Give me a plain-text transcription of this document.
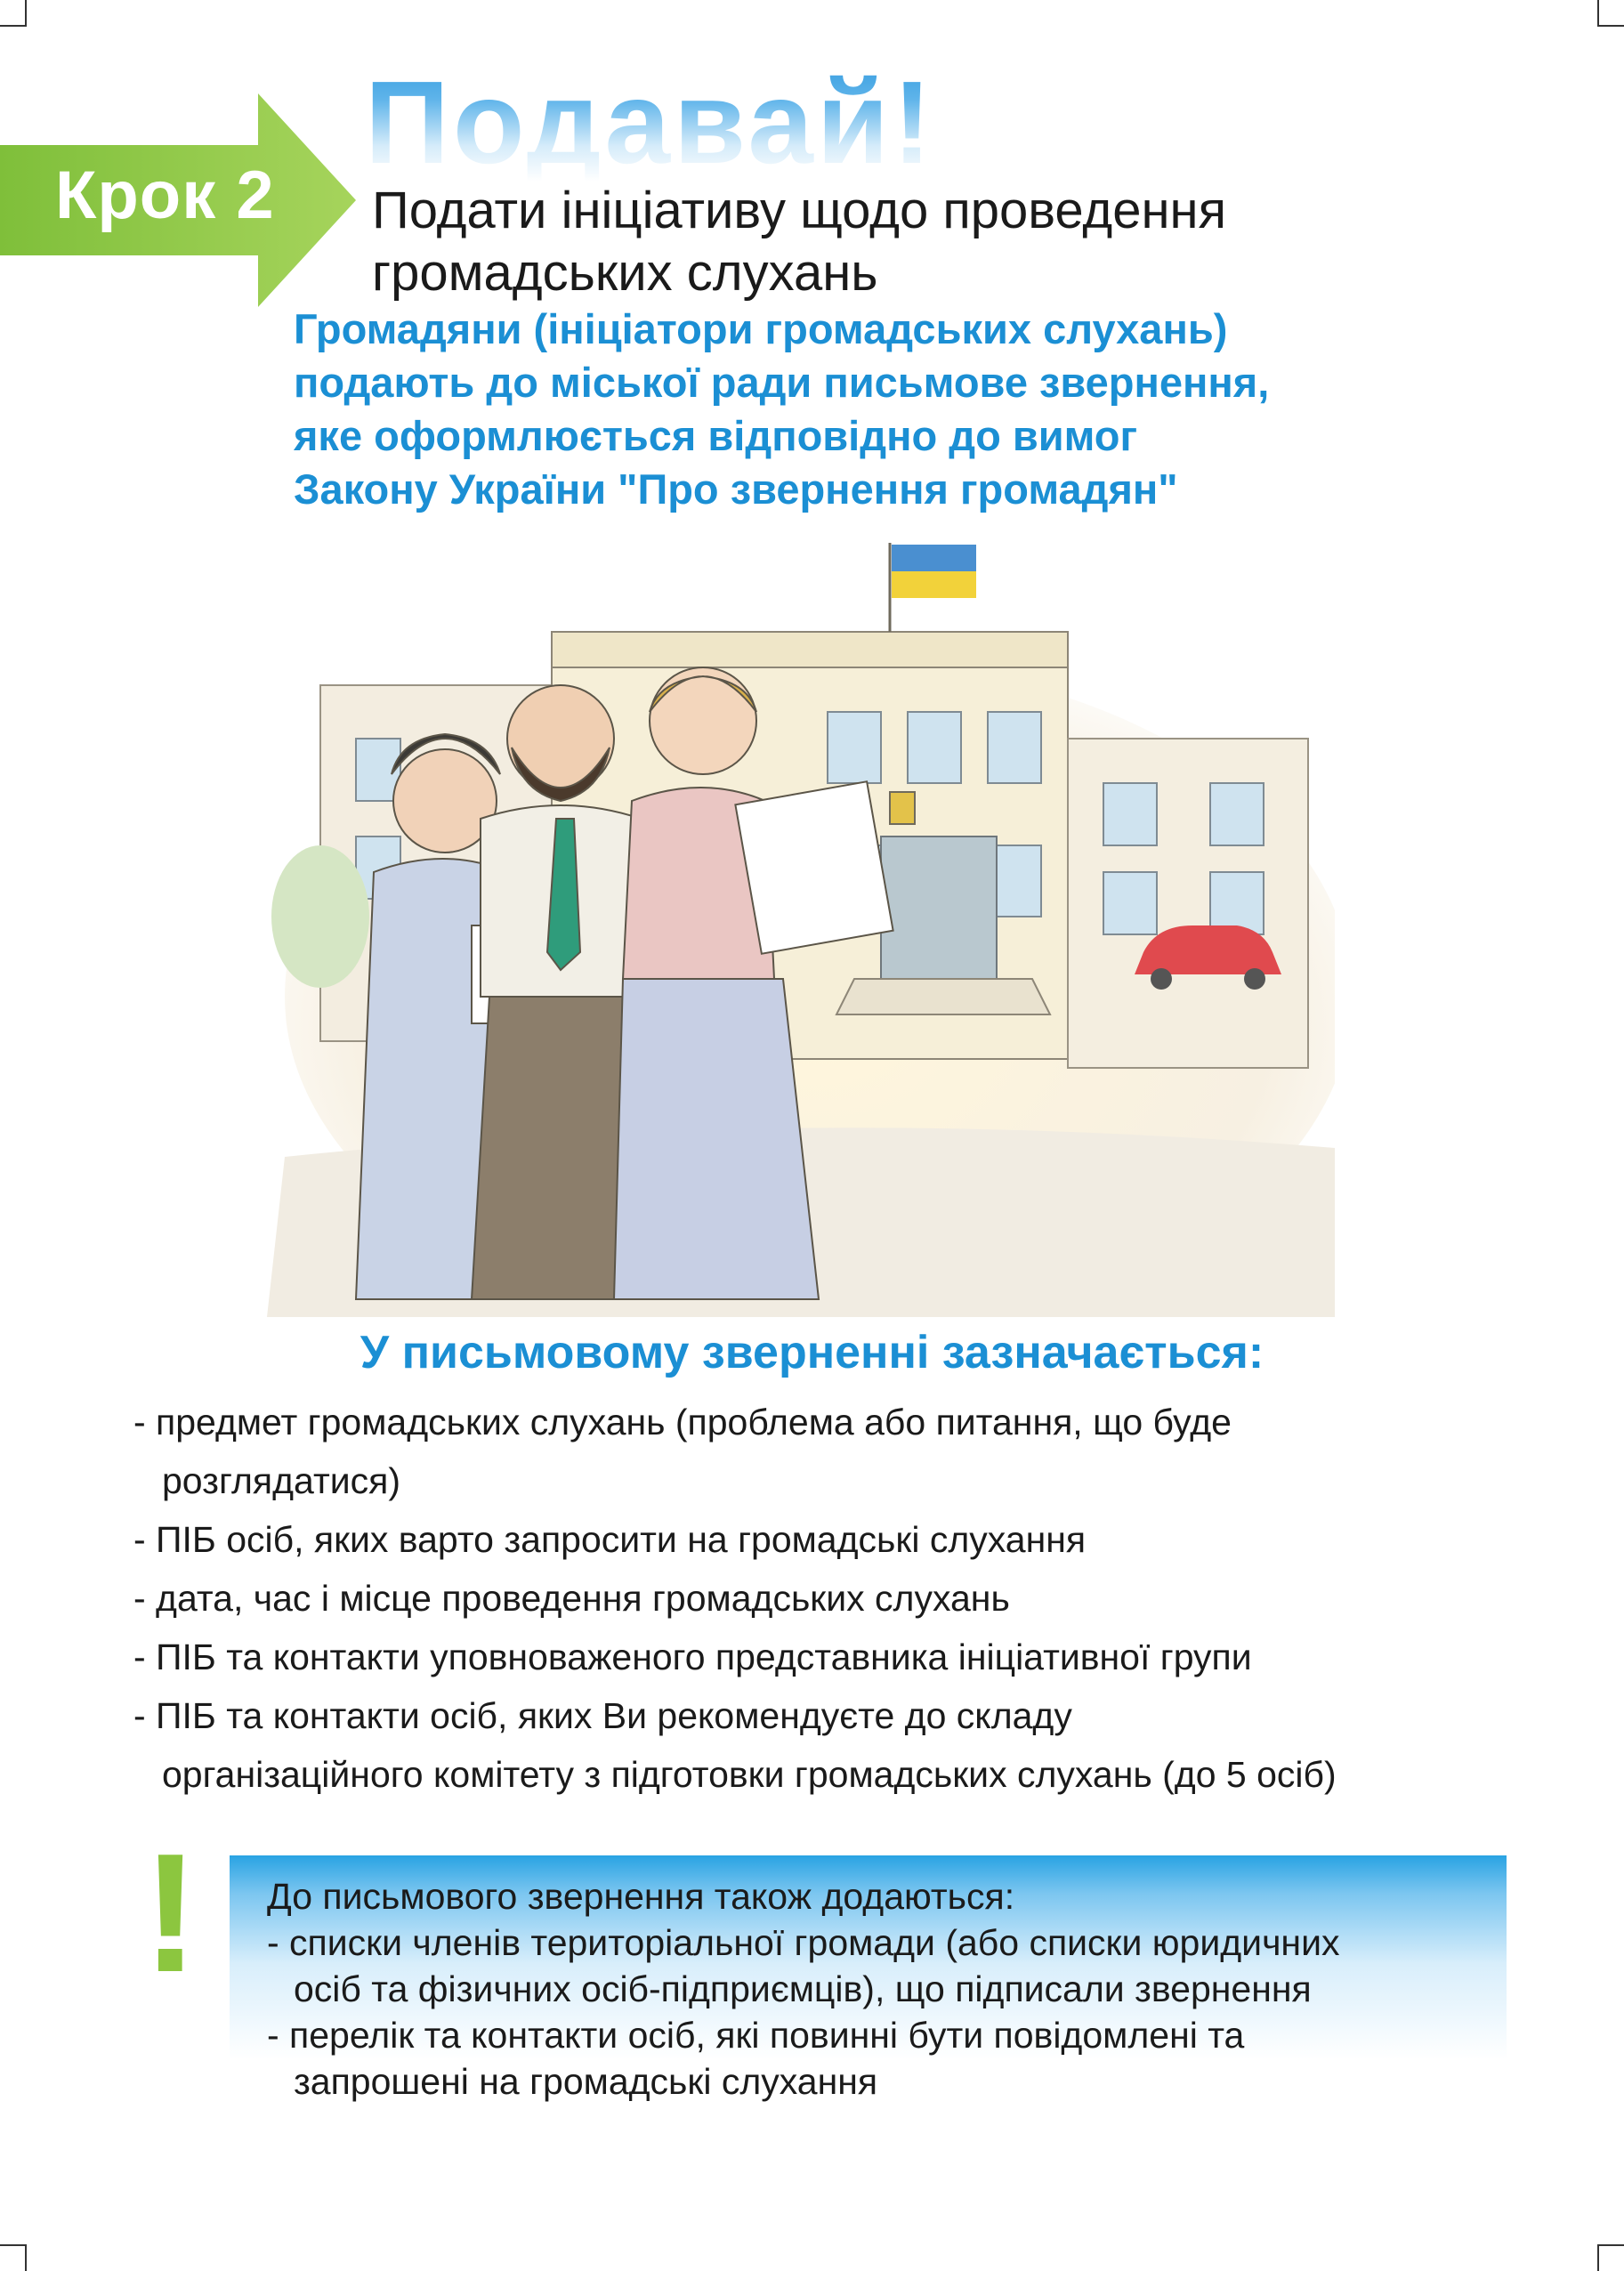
Крок 2
Подавай!
Подати ініціативу щодо проведення
громадських слухань
Громадяни (ініціатори громадських слухань)
подають до міської ради письмове звернення,
яке оформлюється відповідно до вимог
Закону України "Про звернення громадян"
У письмовому зверненні зазначається:
- предмет громадських слухань (проблема або питання, що буде
розглядатися)
- ПІБ осіб, яких варто запросити на громадські слухання
- дата, час і місце проведення громадських слухань
- ПІБ та контакти уповноваженого представника ініціативної групи
- ПІБ та контакти осіб, яких Ви рекомендуєте до складу
організаційного комітету з підготовки громадських слухань (до 5 осіб)
! До письмового звернення також додаються:
- списки членів територіальної громади (або списки юридичних
осіб та фізичних осіб-підприємців), що підписали звернення
- перелік та контакти осіб, які повинні бути повідомлені та
запрошені на громадські слухання
